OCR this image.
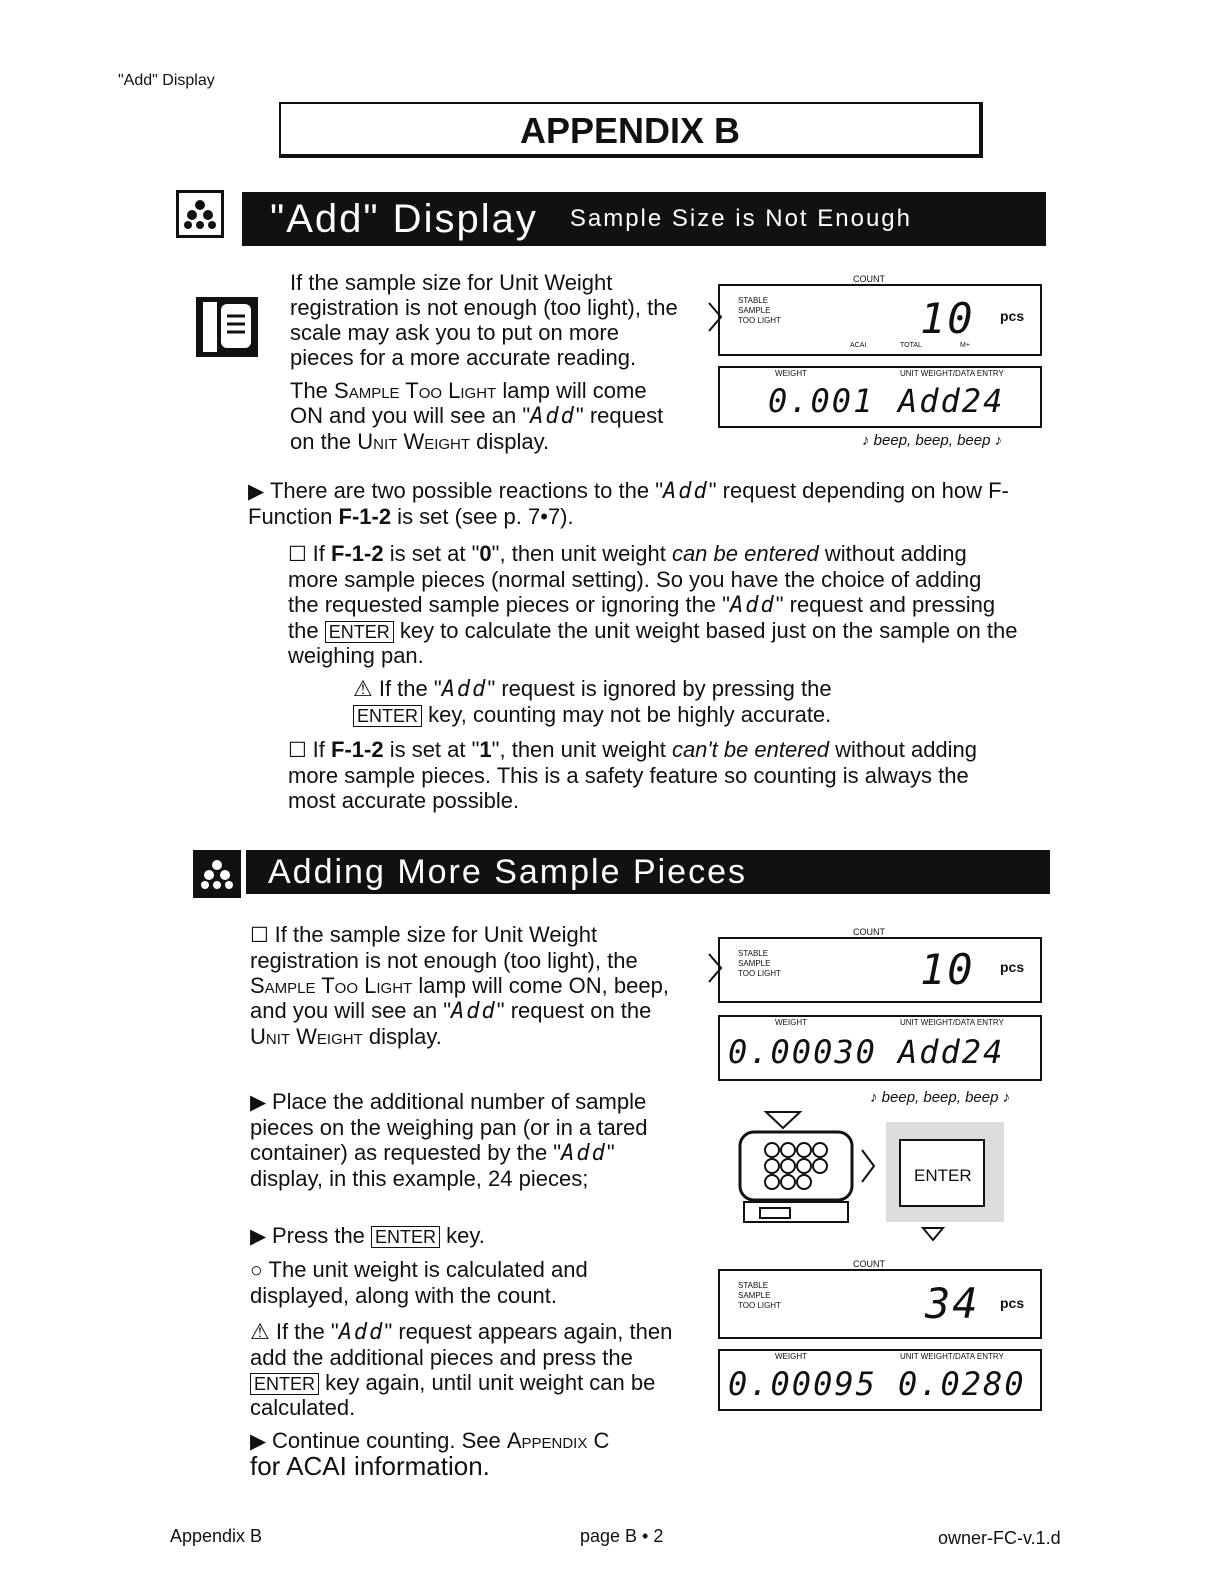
"Add" Display
APPENDIX B
"Add" Display Sample Size is Not Enough

If the sample size for Unit Weight registration is not enough (too light), the scale may ask you to put on more pieces for a more accurate reading.

The Sample Too Light lamp will come ON and you will see an "Add" request on the Unit Weight display.

COUNT
STABLE
SAMPLE
TOO LIGHT	10 pcs
ACAI	TOTAL	M+
WEIGHT	UNIT WEIGHT/DATA ENTRY
0.001 Add24
♪ beep, beep, beep ♪
▶ There are two possible reactions to the "Add" request depending on how F-Function F-1-2 is set (see p. 7•7).
☐ If F-1-2 is set at "0", then unit weight can be entered without adding more sample pieces (normal setting). So you have the choice of adding the requested sample pieces or ignoring the "Add" request and pressing the ENTER key to calculate the unit weight based just on the sample on the weighing pan.
⚠ If the "Add" request is ignored by pressing the
ENTER key, counting may not be highly accurate.
☐ If F-1-2 is set at "1", then unit weight can't be entered without adding more sample pieces. This is a safety feature so counting is always the most accurate possible.
Adding More Sample Pieces
☐ If the sample size for Unit Weight registration is not enough (too light), the Sample Too Light lamp will come ON, beep, and you will see an "Add" request on the Unit Weight display.
▶ Place the additional number of sample pieces on the weighing pan (or in a tared container) as requested by the "Add" display, in this example, 24 pieces;
▶ Press the ENTER key.
○ The unit weight is calculated and displayed, along with the count.
⚠ If the "Add" request appears again, then add the additional pieces and press the ENTER key again, until unit weight can be calculated.
▶ Continue counting. See Appendix C
for ACAI information.
COUNT
STABLE
SAMPLE
TOO LIGHT	10 pcs
WEIGHT	UNIT WEIGHT/DATA ENTRY
0.00030 Add24
♪ beep, beep, beep ♪
ENTER
COUNT
STABLE
SAMPLE
TOO LIGHT	34 pcs
WEIGHT	UNIT WEIGHT/DATA ENTRY
0.00095 0.0280
Appendix B	page B • 2	owner-FC-v.1.d
